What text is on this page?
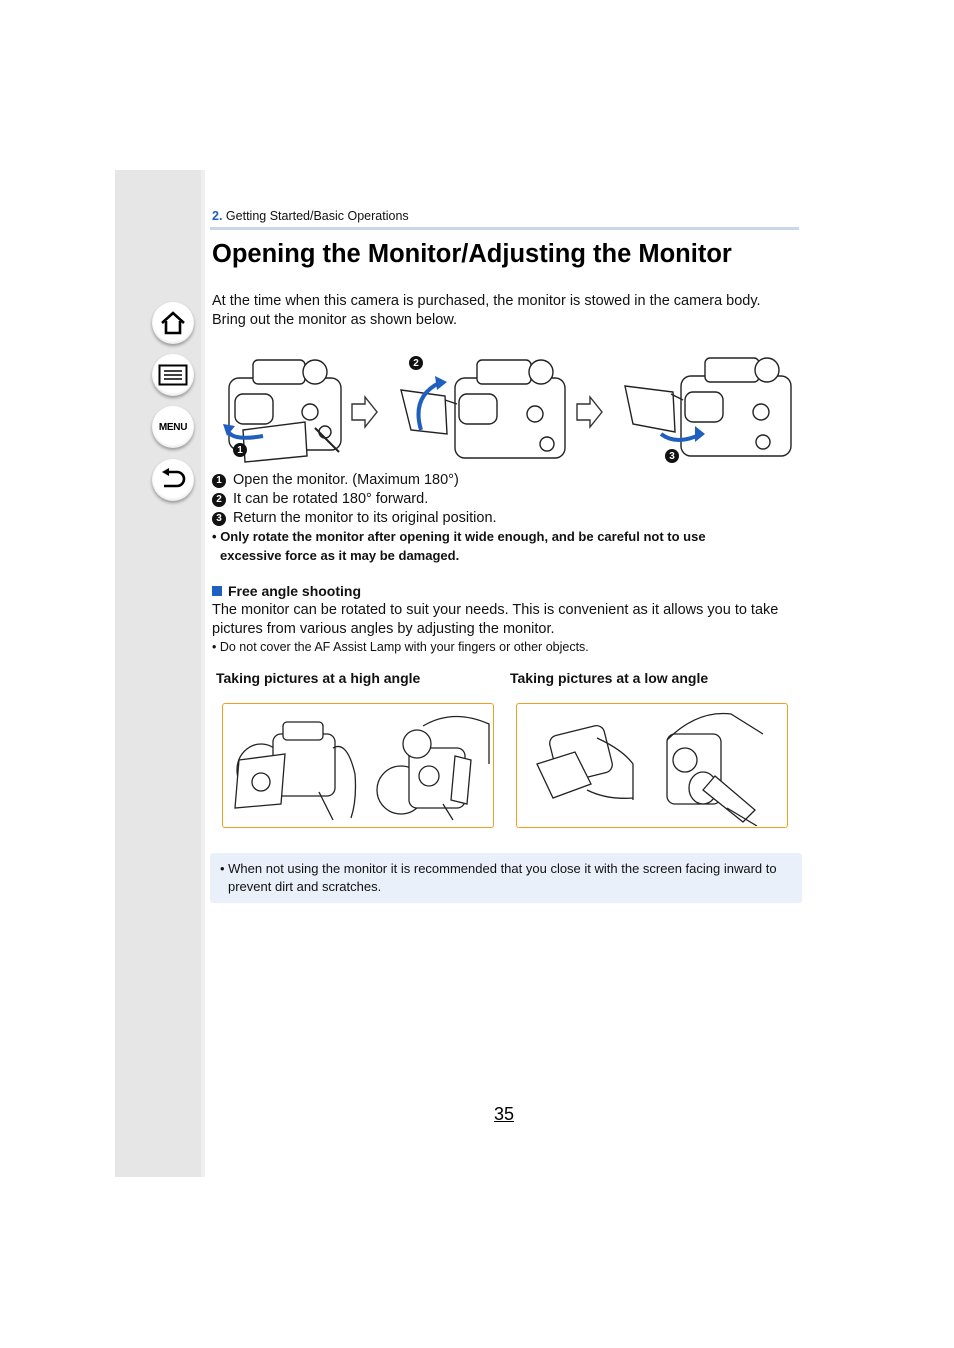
MENU
2. Getting Started/Basic Operations
Opening the Monitor/Adjusting the Monitor

At the time when this camera is purchased, the monitor is stowed in the camera body.
Bring out the monitor as shown below.

1
2
3
1 Open the monitor. (Maximum 180°)
2 It can be rotated 180° forward.
3 Return the monitor to its original position.
• Only rotate the monitor after opening it wide enough, and be careful not to use
excessive force as it may be damaged.
Free angle shooting

The monitor can be rotated to suit your needs. This is convenient as it allows you to take
pictures from various angles by adjusting the monitor.

• Do not cover the AF Assist Lamp with your fingers or other objects.
Taking pictures at a high angle	Taking pictures at a low angle
• When not using the monitor it is recommended that you close it with the screen facing inward to
prevent dirt and scratches.
35
